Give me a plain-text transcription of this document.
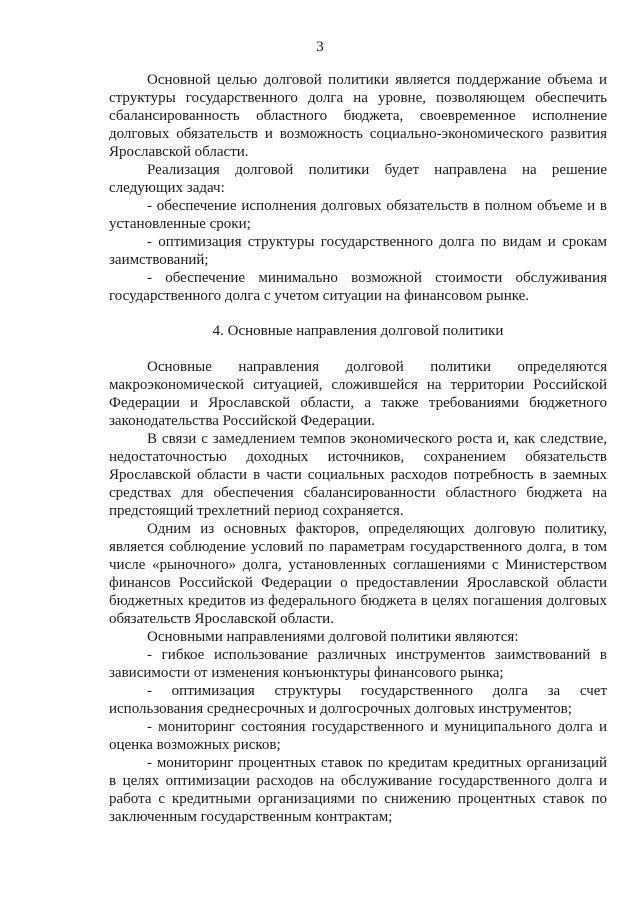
3

Основной целью долговой политики является поддержание объема и структуры государственного долга на уровне, позволяющем обеспечить сбалансированность областного бюджета, своевременное исполнение долговых обязательств и возможность социально-экономического развития Ярославской области.

Реализация долговой политики будет направлена на решение следующих задач:

- обеспечение исполнения долговых обязательств в полном объеме и в установленные сроки;

- оптимизация структуры государственного долга по видам и срокам заимствований;

- обеспечение минимально возможной стоимости обслуживания государственного долга с учетом ситуации на финансовом рынке.

4. Основные направления долговой политики

Основные направления долговой политики определяются макроэкономической ситуацией, сложившейся на территории Российской Федерации и Ярославской области, а также требованиями бюджетного законодательства Российской Федерации.

В связи с замедлением темпов экономического роста и, как следствие, недостаточностью доходных источников, сохранением обязательств Ярославской области в части социальных расходов потребность в заемных средствах для обеспечения сбалансированности областного бюджета на предстоящий трехлетний период сохраняется.

Одним из основных факторов, определяющих долговую политику, является соблюдение условий по параметрам государственного долга, в том числе «рыночного» долга, установленных соглашениями с Министерством финансов Российской Федерации о предоставлении Ярославской области бюджетных кредитов из федерального бюджета в целях погашения долговых обязательств Ярославской области.

Основными направлениями долговой политики являются:

- гибкое использование различных инструментов заимствований в зависимости от изменения конъюнктуры финансового рынка;

- оптимизация структуры государственного долга за счет использования среднесрочных и долгосрочных долговых инструментов;

- мониторинг состояния государственного и муниципального долга и оценка возможных рисков;

- мониторинг процентных ставок по кредитам кредитных организаций в целях оптимизации расходов на обслуживание государственного долга и работа с кредитными организациями по снижению процентных ставок по заключенным государственным контрактам;
